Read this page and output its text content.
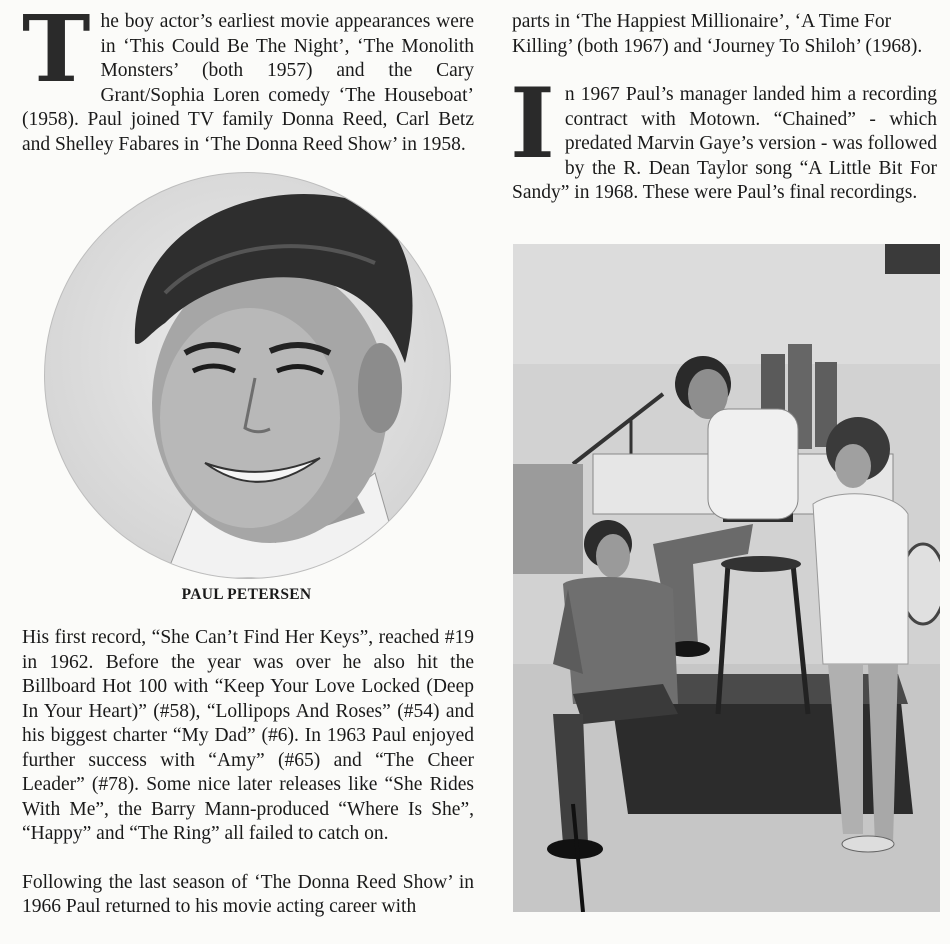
T he boy actor’s earliest movie appearances were in ‘This Could Be The Night’, ‘The Monolith Monsters’ (both 1957) and the Cary Grant/Sophia Loren comedy ‘The Houseboat’ (1958). Paul joined TV family Donna Reed, Carl Betz and Shelley Fabares in ‘The Donna Reed Show’ in 1958.

PAUL PETERSEN

His first record, “She Can’t Find Her Keys”, reached #19 in 1962. Before the year was over he also hit the Billboard Hot 100 with “Keep Your Love Locked (Deep In Your Heart)” (#58), “Lollipops And Roses” (#54) and his biggest charter “My Dad” (#6). In 1963 Paul enjoyed further success with “Amy” (#65) and “The Cheer Leader” (#78). Some nice later releases like “She Rides With Me”, the Barry Mann-produced “Where Is She”, “Happy” and “The Ring” all failed to catch on.

Following the last season of ‘The Donna Reed Show’ in 1966 Paul returned to his movie acting career with

parts in ‘The Happiest Millionaire’, ‘A Time For Killing’ (both 1967) and ‘Journey To Shiloh’ (1968).

I n 1967 Paul’s manager landed him a recording contract with Motown. “Chained” - which predated Marvin Gaye’s version - was followed by the R. Dean Taylor song “A Little Bit For Sandy” in 1968. These were Paul’s final recordings.
